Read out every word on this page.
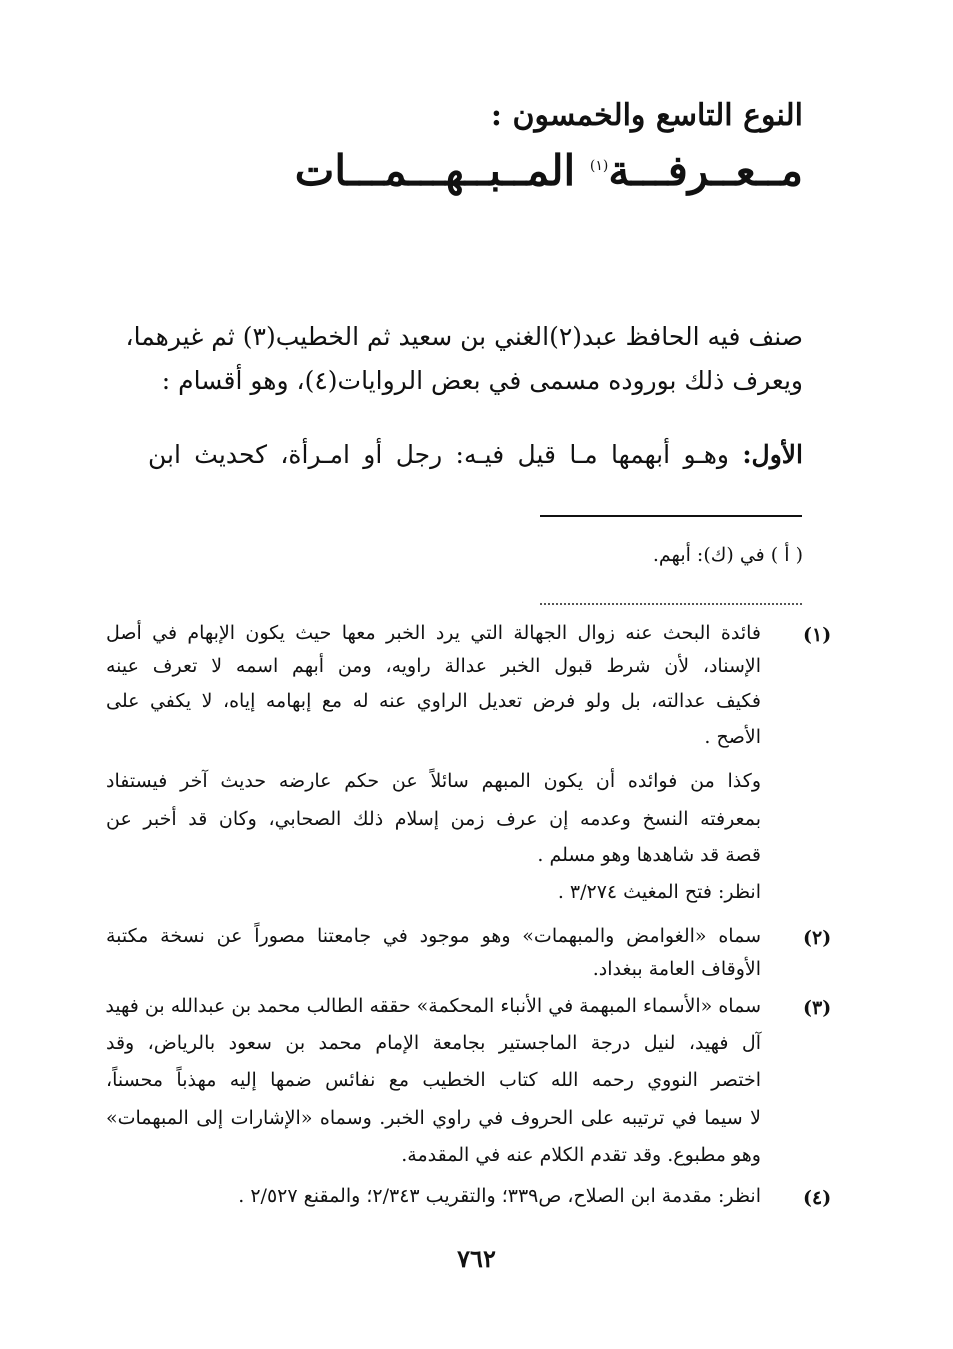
النوع التاسع والخمسون :
مــعــرفـــة$^{(١)}$ المــبــهـــمـــات
صنف فيه الحافظ عبد(٢)الغني بن سعيد ثم الخطيب(٣) ثم غيرهما،
ويعرف ذلك بوروده مسمى في بعض الروايات(٤)، وهو أقسام :
الأول: وهـو أبهمها مـا قيل فيـه: رجل أو امـرأة، كحديث ابن
( أ ) في (ك): أبهم.
(١)
فائدة البحث عنه زوال الجهالة التي يرد الخبر معها حيث يكون الإبهام في أصل
الإسناد، لأن شرط قبول الخبر عدالة راويه، ومن أبهم اسمه لا تعرف عينه
فكيف عدالته، بل ولو فرض تعديل الراوي عنه له مع إبهامه إياه، لا يكفي على
الأصح .
وكذا من فوائده أن يكون المبهم سائلاً عن حكم عارضه حديث آخر فيستفاد
بمعرفته النسخ وعدمه إن عرف زمن إسلام ذلك الصحابي، وكان قد أخبر عن
قصة قد شاهدها وهو مسلم .
انظر: فتح المغيث ٣/٢٧٤ .
(٢)
سماه «الغوامض والمبهمات» وهو موجود في جامعتنا مصوراً عن نسخة مكتبة
الأوقاف العامة ببغداد.
(٣)
سماه «الأسماء المبهمة في الأنباء المحكمة» حققه الطالب محمد بن عبدالله بن فهيد
آل فهيد، لنيل درجة الماجستير بجامعة الإمام محمد بن سعود بالرياض، وقد
اختصر النووي رحمه الله كتاب الخطيب مع نفائس ضمها إليه مهذباً محسناً،
لا سيما في ترتيبه على الحروف في راوي الخبر. وسماه «الإشارات إلى المبهمات»
وهو مطبوع. وقد تقدم الكلام عنه في المقدمة.
(٤)
انظر: مقدمة ابن الصلاح، ص٣٣٩؛ والتقريب ٢/٣٤٣؛ والمقنع ٢/٥٢٧ .
٧٦٢
